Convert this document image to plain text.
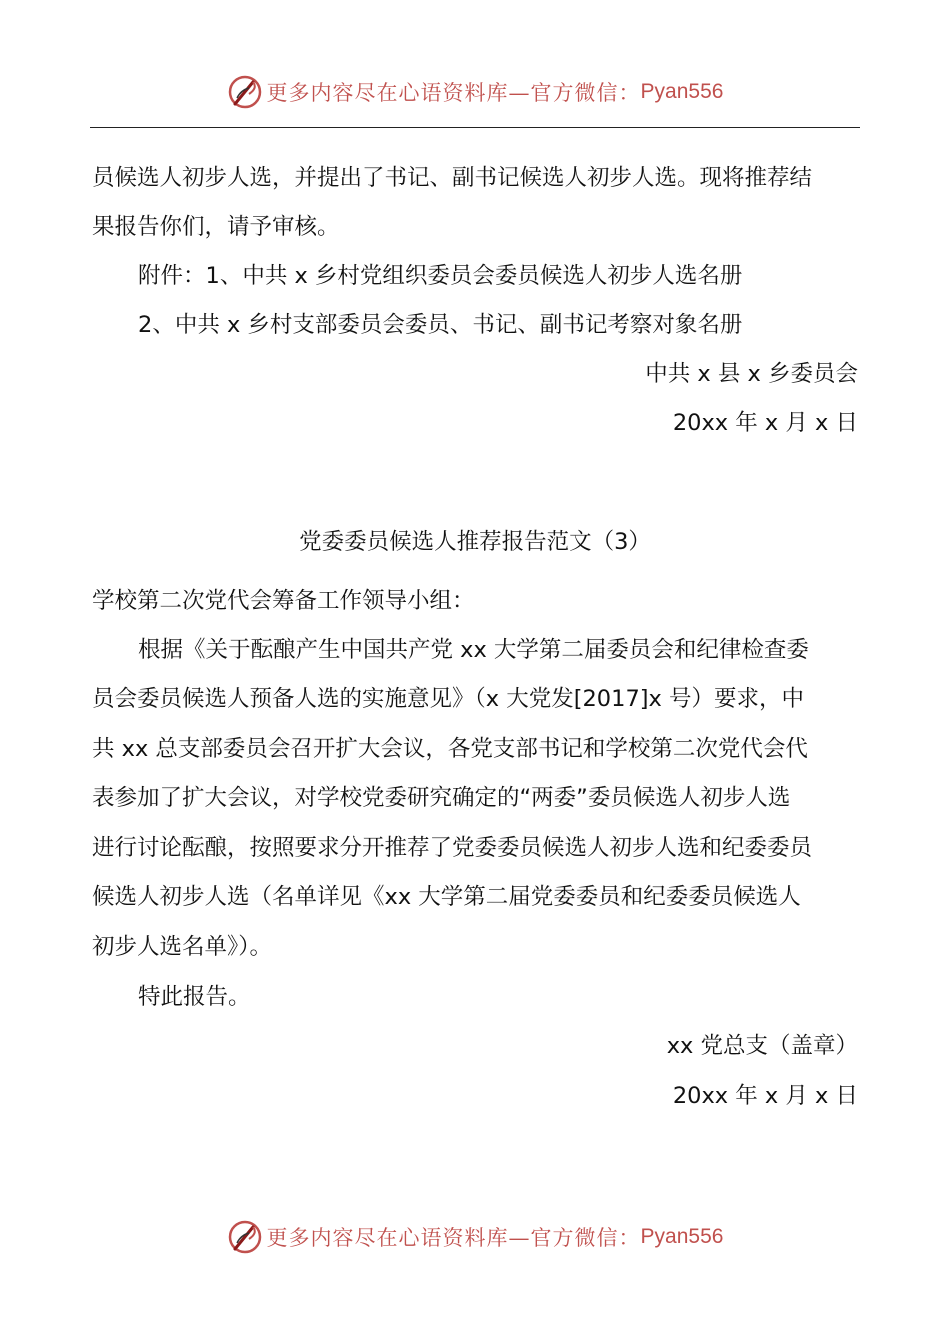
更多内容尽在心语资料库—官方微信： Pyan556
员候选人初步人选，并提出了书记、副书记候选人初步人选。现将推荐结
果报告你们，请予审核。
附件：1、中共 x 乡村党组织委员会委员候选人初步人选名册
2、中共 x 乡村支部委员会委员、书记、副书记考察对象名册
中共 x 县 x 乡委员会
20xx 年 x 月 x 日
党委委员候选人推荐报告范文（3）
学校第二次党代会筹备工作领导小组：
根据《关于酝酿产生中国共产党 xx 大学第二届委员会和纪律检查委
员会委员候选人预备人选的实施意见》（x 大党发[2017]x 号）要求，中
共 xx 总支部委员会召开扩大会议，各党支部书记和学校第二次党代会代
表参加了扩大会议，对学校党委研究确定的“两委”委员候选人初步人选
进行讨论酝酿，按照要求分开推荐了党委委员候选人初步人选和纪委委员
候选人初步人选（名单详见《xx 大学第二届党委委员和纪委委员候选人
初步人选名单》）。
特此报告。
xx 党总支（盖章）
20xx 年 x 月 x 日
更多内容尽在心语资料库—官方微信： Pyan556
